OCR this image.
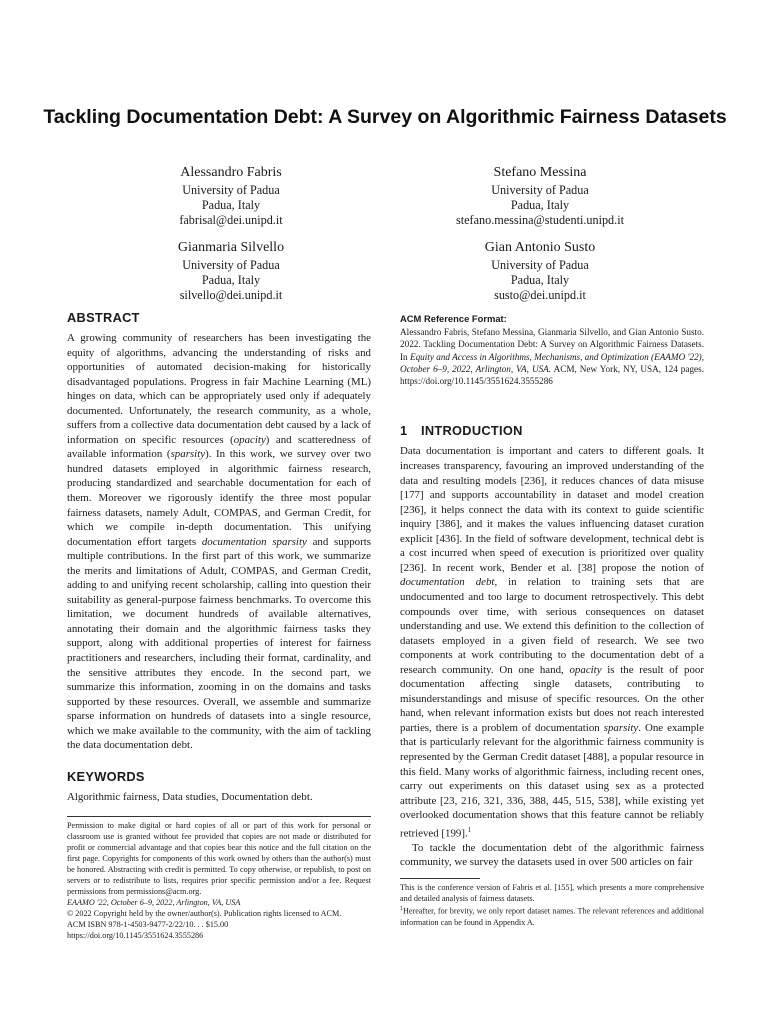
Tackling Documentation Debt: A Survey on Algorithmic Fairness Datasets
Alessandro Fabris
University of Padua
Padua, Italy
fabrisal@dei.unipd.it
Stefano Messina
University of Padua
Padua, Italy
stefano.messina@studenti.unipd.it
Gianmaria Silvello
University of Padua
Padua, Italy
silvello@dei.unipd.it
Gian Antonio Susto
University of Padua
Padua, Italy
susto@dei.unipd.it
ABSTRACT

A growing community of researchers has been investigating the equity of algorithms, advancing the understanding of risks and opportunities of automated decision-making for historically disadvantaged populations. Progress in fair Machine Learning (ML) hinges on data, which can be appropriately used only if adequately documented. Unfortunately, the research community, as a whole, suffers from a collective data documentation debt caused by a lack of information on specific resources (opacity) and scatteredness of available information (sparsity). In this work, we survey over two hundred datasets employed in algorithmic fairness research, producing standardized and searchable documentation for each of them. Moreover we rigorously identify the three most popular fairness datasets, namely Adult, COMPAS, and German Credit, for which we compile in-depth documentation. This unifying documentation effort targets documentation sparsity and supports multiple contributions. In the first part of this work, we summarize the merits and limitations of Adult, COMPAS, and German Credit, adding to and unifying recent scholarship, calling into question their suitability as general-purpose fairness benchmarks. To overcome this limitation, we document hundreds of available alternatives, annotating their domain and the algorithmic fairness tasks they support, along with additional properties of interest for fairness practitioners and researchers, including their format, cardinality, and the sensitive attributes they encode. In the second part, we summarize this information, zooming in on the domains and tasks supported by these resources. Overall, we assemble and summarize sparse information on hundreds of datasets into a single resource, which we make available to the community, with the aim of tackling the data documentation debt.

KEYWORDS
Algorithmic fairness, Data studies, Documentation debt.

Permission to make digital or hard copies of all or part of this work for personal or classroom use is granted without fee provided that copies are not made or distributed for profit or commercial advantage and that copies bear this notice and the full citation on the first page. Copyrights for components of this work owned by others than the author(s) must be honored. Abstracting with credit is permitted. To copy otherwise, or republish, to post on servers or to redistribute to lists, requires prior specific permission and/or a fee. Request permissions from permissions@acm.org.

EAAMO '22, October 6–9, 2022, Arlington, VA, USA

© 2022 Copyright held by the owner/author(s). Publication rights licensed to ACM.

ACM ISBN 978-1-4503-9477-2/22/10. . . $15.00

https://doi.org/10.1145/3551624.3555286

ACM Reference Format:
Alessandro Fabris, Stefano Messina, Gianmaria Silvello, and Gian Antonio Susto. 2022. Tackling Documentation Debt: A Survey on Algorithmic Fairness Datasets. In Equity and Access in Algorithms, Mechanisms, and Optimization (EAAMO '22), October 6–9, 2022, Arlington, VA, USA. ACM, New York, NY, USA, 124 pages. https://doi.org/10.1145/3551624.3555286
1 INTRODUCTION

Data documentation is important and caters to different goals. It increases transparency, favouring an improved understanding of the data and resulting models [236], it reduces chances of data misuse [177] and supports accountability in dataset and model creation [236], it helps connect the data with its context to guide scientific inquiry [386], and it makes the values influencing dataset curation explicit [436]. In the field of software development, technical debt is a cost incurred when speed of execution is prioritized over quality [236]. In recent work, Bender et al. [38] propose the notion of documentation debt, in relation to training sets that are undocumented and too large to document retrospectively. This debt compounds over time, with serious consequences on dataset understanding and use. We extend this definition to the collection of datasets employed in a given field of research. We see two components at work contributing to the documentation debt of a research community. On one hand, opacity is the result of poor documentation affecting single datasets, contributing to misunderstandings and misuse of specific resources. On the other hand, when relevant information exists but does not reach interested parties, there is a problem of documentation sparsity. One example that is particularly relevant for the algorithmic fairness community is represented by the German Credit dataset [488], a popular resource in this field. Many works of algorithmic fairness, including recent ones, carry out experiments on this dataset using sex as a protected attribute [23, 216, 321, 336, 388, 445, 515, 538], while existing yet overlooked documentation shows that this feature cannot be reliably retrieved [199].$^1$

To tackle the documentation debt of the algorithmic fairness community, we survey the datasets used in over 500 articles on fair

This is the conference version of Fabris et al. [155], which presents a more comprehensive and detailed analysis of fairness datasets.
$^1$Hereafter, for brevity, we only report dataset names. The relevant references and additional information can be found in Appendix A.
